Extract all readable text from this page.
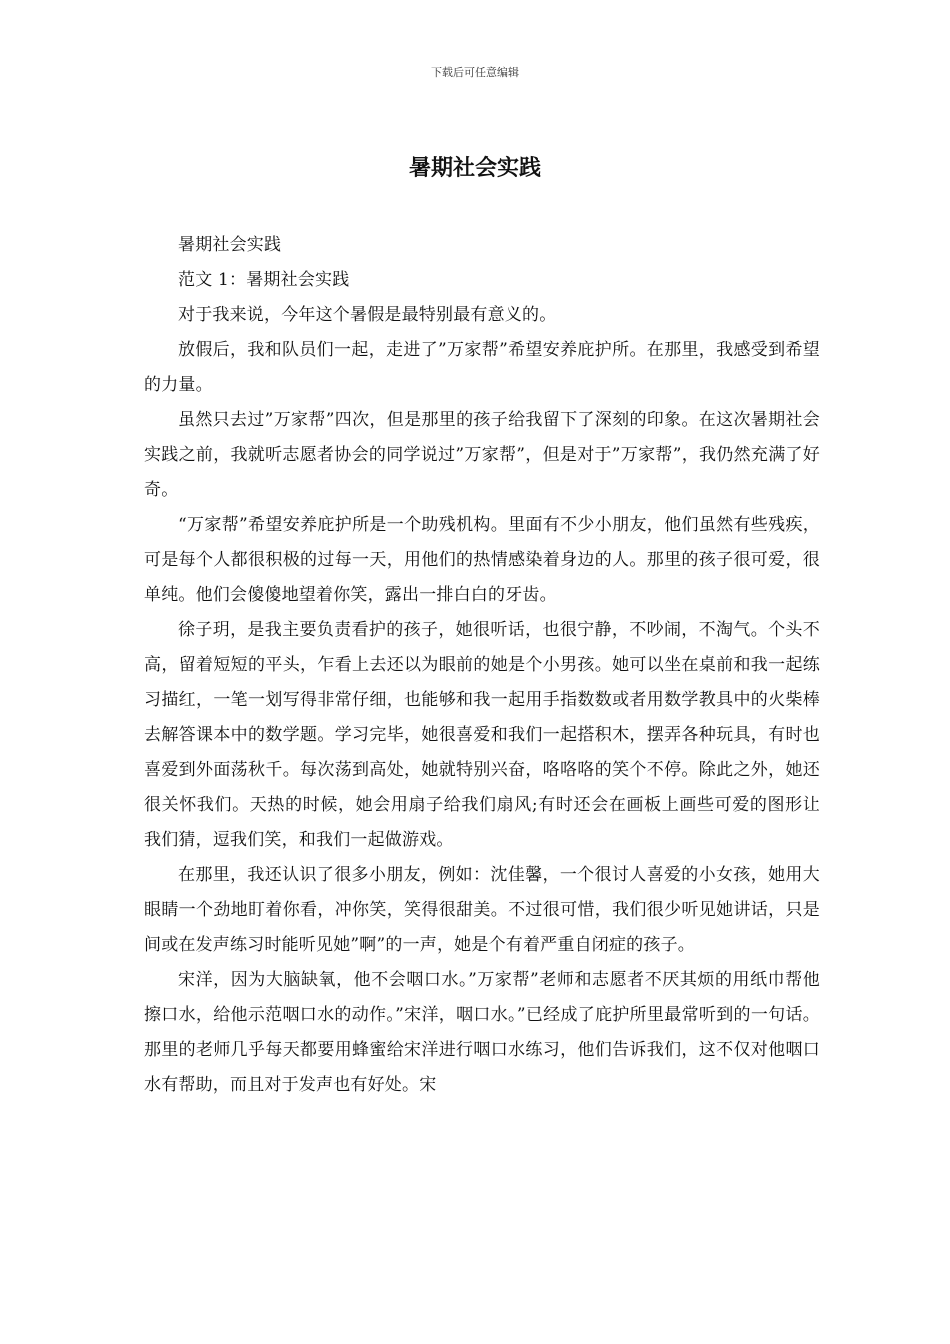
下载后可任意编辑
暑期社会实践

暑期社会实践

范文 1：暑期社会实践

对于我来说，今年这个暑假是最特别最有意义的。

放假后，我和队员们一起，走进了”万家帮”希望安养庇护所。在那里，我感受到希望的力量。

虽然只去过”万家帮”四次，但是那里的孩子给我留下了深刻的印象。在这次暑期社会实践之前，我就听志愿者协会的同学说过”万家帮”，但是对于”万家帮”，我仍然充满了好奇。

“万家帮”希望安养庇护所是一个助残机构。里面有不少小朋友，他们虽然有些残疾，可是每个人都很积极的过每一天，用他们的热情感染着身边的人。那里的孩子很可爱，很单纯。他们会傻傻地望着你笑，露出一排白白的牙齿。

徐子玥，是我主要负责看护的孩子，她很听话，也很宁静，不吵闹，不淘气。个头不高，留着短短的平头，乍看上去还以为眼前的她是个小男孩。她可以坐在桌前和我一起练习描红，一笔一划写得非常仔细，也能够和我一起用手指数数或者用数学教具中的火柴棒去解答课本中的数学题。学习完毕，她很喜爱和我们一起搭积木，摆弄各种玩具，有时也喜爱到外面荡秋千。每次荡到高处，她就特别兴奋，咯咯咯的笑个不停。除此之外，她还很关怀我们。天热的时候，她会用扇子给我们扇风;有时还会在画板上画些可爱的图形让我们猜，逗我们笑，和我们一起做游戏。

在那里，我还认识了很多小朋友，例如：沈佳馨，一个很讨人喜爱的小女孩，她用大眼睛一个劲地盯着你看，冲你笑，笑得很甜美。不过很可惜，我们很少听见她讲话，只是间或在发声练习时能听见她”啊”的一声，她是个有着严重自闭症的孩子。

宋洋，因为大脑缺氧，他不会咽口水。”万家帮”老师和志愿者不厌其烦的用纸巾帮他擦口水，给他示范咽口水的动作。”宋洋，咽口水。”已经成了庇护所里最常听到的一句话。那里的老师几乎每天都要用蜂蜜给宋洋进行咽口水练习，他们告诉我们，这不仅对他咽口水有帮助，而且对于发声也有好处。宋
